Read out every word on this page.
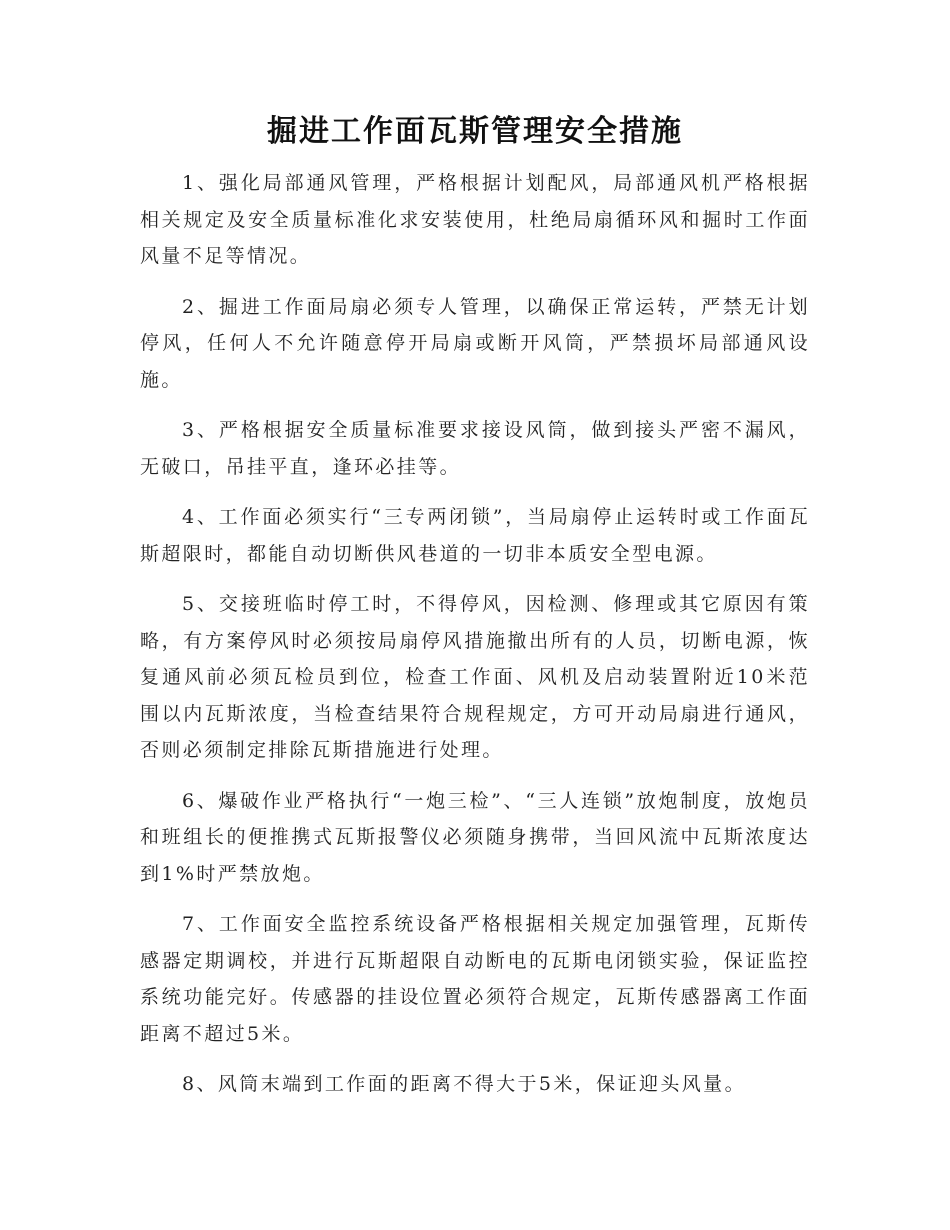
掘进工作面瓦斯管理安全措施

1、强化局部通风管理，严格根据计划配风，局部通风机严格根据相关规定及安全质量标准化求安装使用，杜绝局扇循环风和掘时工作面风量不足等情况。

2、掘进工作面局扇必须专人管理，以确保正常运转，严禁无计划停风，任何人不允许随意停开局扇或断开风筒，严禁损坏局部通风设施。

3、严格根据安全质量标准要求接设风筒，做到接头严密不漏风，无破口，吊挂平直，逢环必挂等。

4、工作面必须实行“三专两闭锁”，当局扇停止运转时或工作面瓦斯超限时，都能自动切断供风巷道的一切非本质安全型电源。

5、交接班临时停工时，不得停风，因检测、修理或其它原因有策略，有方案停风时必须按局扇停风措施撤出所有的人员，切断电源，恢复通风前必须瓦检员到位，检查工作面、风机及启动装置附近10米范围以内瓦斯浓度，当检查结果符合规程规定，方可开动局扇进行通风，否则必须制定排除瓦斯措施进行处理。

6、爆破作业严格执行“一炮三检”、“三人连锁”放炮制度，放炮员和班组长的便推携式瓦斯报警仪必须随身携带，当回风流中瓦斯浓度达到1%时严禁放炮。

7、工作面安全监控系统设备严格根据相关规定加强管理，瓦斯传感器定期调校，并进行瓦斯超限自动断电的瓦斯电闭锁实验，保证监控系统功能完好。传感器的挂设位置必须符合规定，瓦斯传感器离工作面距离不超过5米。

8、风筒末端到工作面的距离不得大于5米，保证迎头风量。
